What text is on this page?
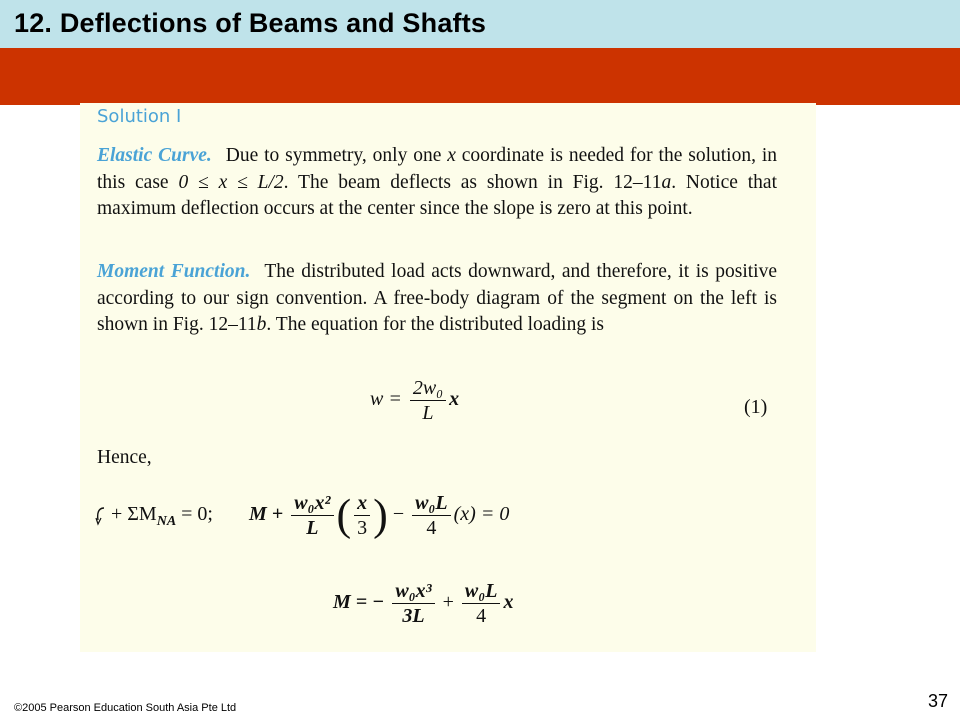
12. Deflections of Beams and Shafts
Solution I
Elastic Curve. Due to symmetry, only one x coordinate is needed for the solution, in this case 0 ≤ x ≤ L/2. The beam deflects as shown in Fig. 12–11a. Notice that maximum deflection occurs at the center since the slope is zero at this point.
Moment Function. The distributed load acts downward, and therefore, it is positive according to our sign convention. A free-body diagram of the segment on the left is shown in Fig. 12–11b. The equation for the distributed loading is
$w = \frac{\text{2w₀}}{L}$ x	(1)
Hence,
+ $\Sigma M_{NA} = 0$; $M + \frac{\text{w₀x²}}{L}$ ( $\frac{x}{3}$ ) − $\frac{\text{w₀L}}{4} (x) = 0$
M = − $\frac{\text{w₀x³}}{3L} + \frac{\text{w₀L}}{4}$ x
©2005 Pearson Education South Asia Pte Ltd	37
